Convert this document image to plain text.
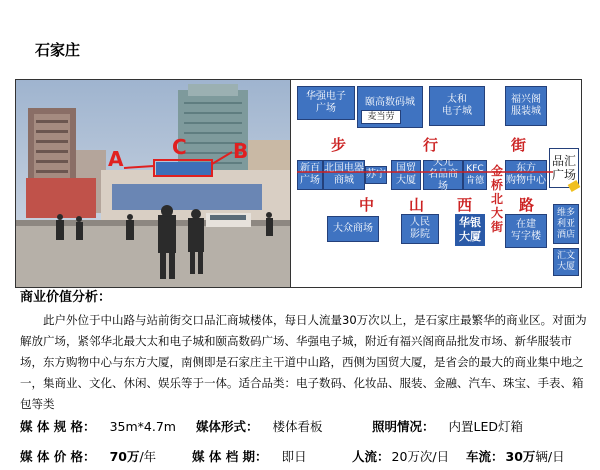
石家庄
A C B
华强电子
广场
颐高数码城
麦当劳
太和
电子城
福兴阁
服装城
步	行	街
新百
广场
北国电器
商城
苏宁
国贸
大厦
天元
名品商场
KFC
肯德
金
桥
北
大
街
东方
购物中心
品汇
广场
中 山 西	路
大众商场
人民
影院
华银
大厦
在建
写字楼
维多
利亚
酒店
汇文
大厦
商业价值分析：
此户外位于中山路与站前街交口品汇商城楼体，每日人流量30万次以上，是石家庄最繁华的商业区。对面为解放广场，紧邻华北最大太和电子城和颐高数码广场、华强电子城，附近有福兴阁商品批发市场、新华服装市场，东方购物中心与东方大厦，南侧即是石家庄主干道中山路，西侧为国贸大厦，是省会的最大的商业集中地之一，集商业、文化、休闲、娱乐等于一体。适合品类：电子数码、化妆品、服装、金融、汽车、珠宝、手表、箱包等类
媒 体 规 格： 35m*4.7m 媒体形式： 楼体看板	照明情况： 内置LED灯箱
媒 体 价 格： 70万/年	媒 体 档 期： 即日	人流： 20万次/日 车流： 30万辆/日
